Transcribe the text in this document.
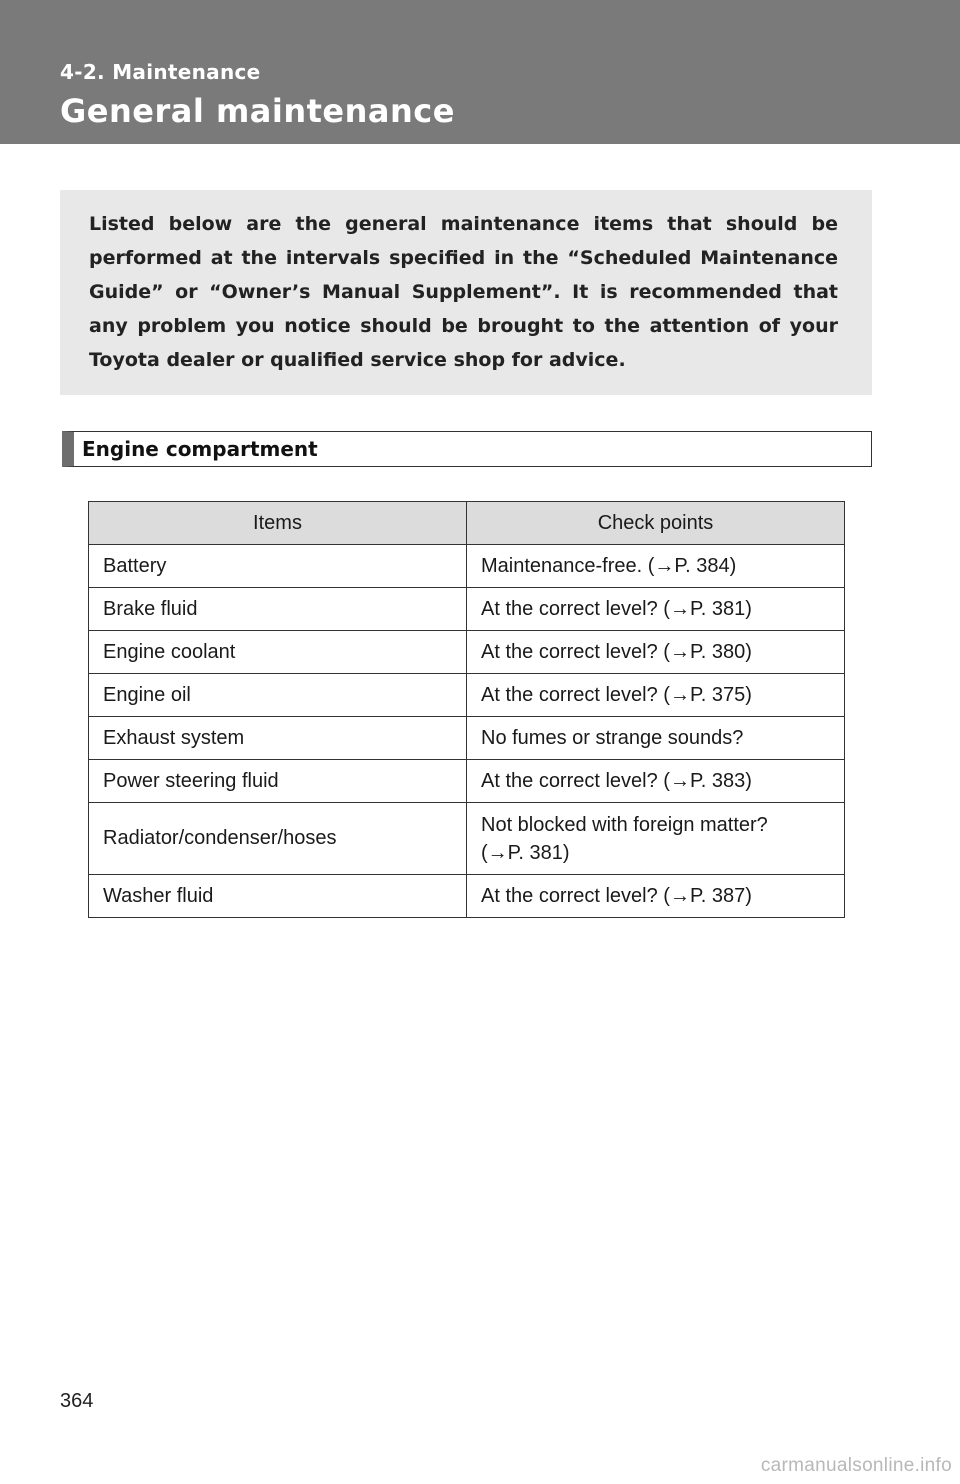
4-2. Maintenance
General maintenance

Listed below are the general maintenance items that should be performed at the intervals specified in the “Scheduled Maintenance Guide” or “Owner’s Manual Supplement”. It is recommended that any problem you notice should be brought to the attention of your Toyota dealer or qualified service shop for advice.

Engine compartment
Items	Check points
Battery	Maintenance-free. (→P. 384)
Brake fluid	At the correct level? (→P. 381)
Engine coolant	At the correct level? (→P. 380)
Engine oil	At the correct level? (→P. 375)
Exhaust system	No fumes or strange sounds?
Power steering fluid	At the correct level? (→P. 383)
Radiator/condenser/hoses	Not blocked with foreign matter?
(→P. 381)
Washer fluid	At the correct level? (→P. 387)
364
carmanualsonline.info
